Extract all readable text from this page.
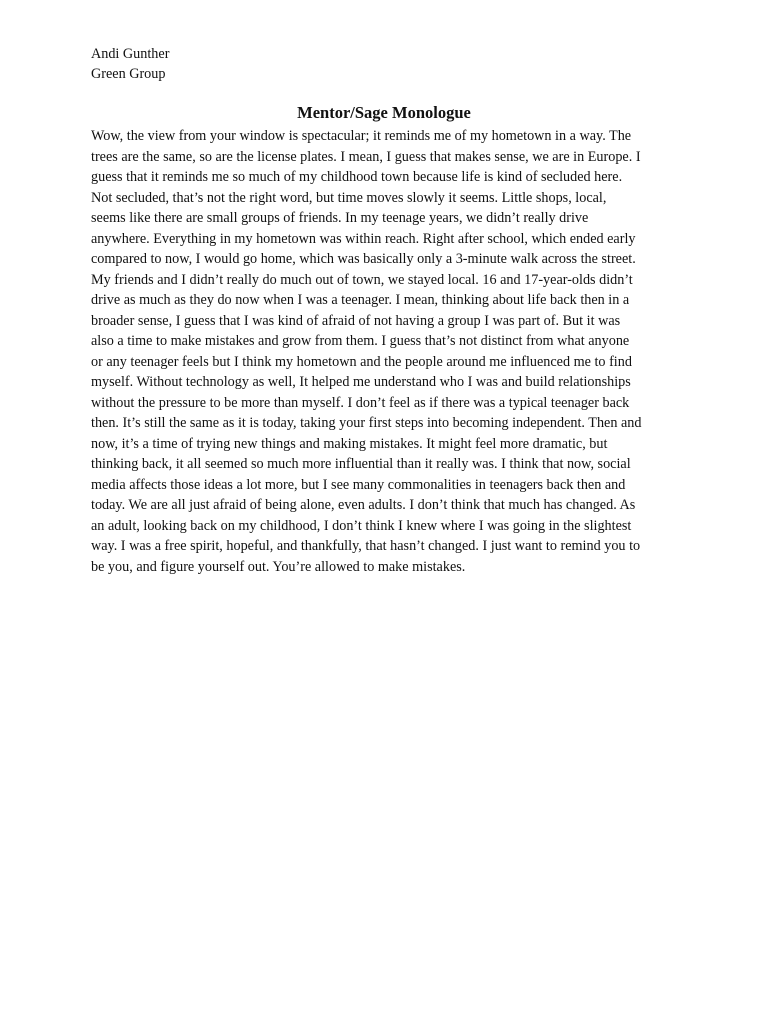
Andi Gunther
Green Group
Mentor/Sage Monologue
Wow, the view from your window is spectacular; it reminds me of my hometown in a way. The
trees are the same, so are the license plates. I mean, I guess that makes sense, we are in Europe. I
guess that it reminds me so much of my childhood town because life is kind of secluded here.
Not secluded, that’s not the right word, but time moves slowly it seems. Little shops, local,
seems like there are small groups of friends. In my teenage years, we didn’t really drive
anywhere. Everything in my hometown was within reach. Right after school, which ended early
compared to now, I would go home, which was basically only a 3-minute walk across the street.
My friends and I didn’t really do much out of town, we stayed local. 16 and 17-year-olds didn’t
drive as much as they do now when I was a teenager. I mean, thinking about life back then in a
broader sense, I guess that I was kind of afraid of not having a group I was part of. But it was
also a time to make mistakes and grow from them. I guess that’s not distinct from what anyone
or any teenager feels but I think my hometown and the people around me influenced me to find
myself. Without technology as well, It helped me understand who I was and build relationships
without the pressure to be more than myself. I don’t feel as if there was a typical teenager back
then. It’s still the same as it is today, taking your first steps into becoming independent. Then and
now, it’s a time of trying new things and making mistakes. It might feel more dramatic, but
thinking back, it all seemed so much more influential than it really was. I think that now, social
media affects those ideas a lot more, but I see many commonalities in teenagers back then and
today. We are all just afraid of being alone, even adults. I don’t think that much has changed. As
an adult, looking back on my childhood, I don’t think I knew where I was going in the slightest
way. I was a free spirit, hopeful, and thankfully, that hasn’t changed. I just want to remind you to
be you, and figure yourself out. You’re allowed to make mistakes.
